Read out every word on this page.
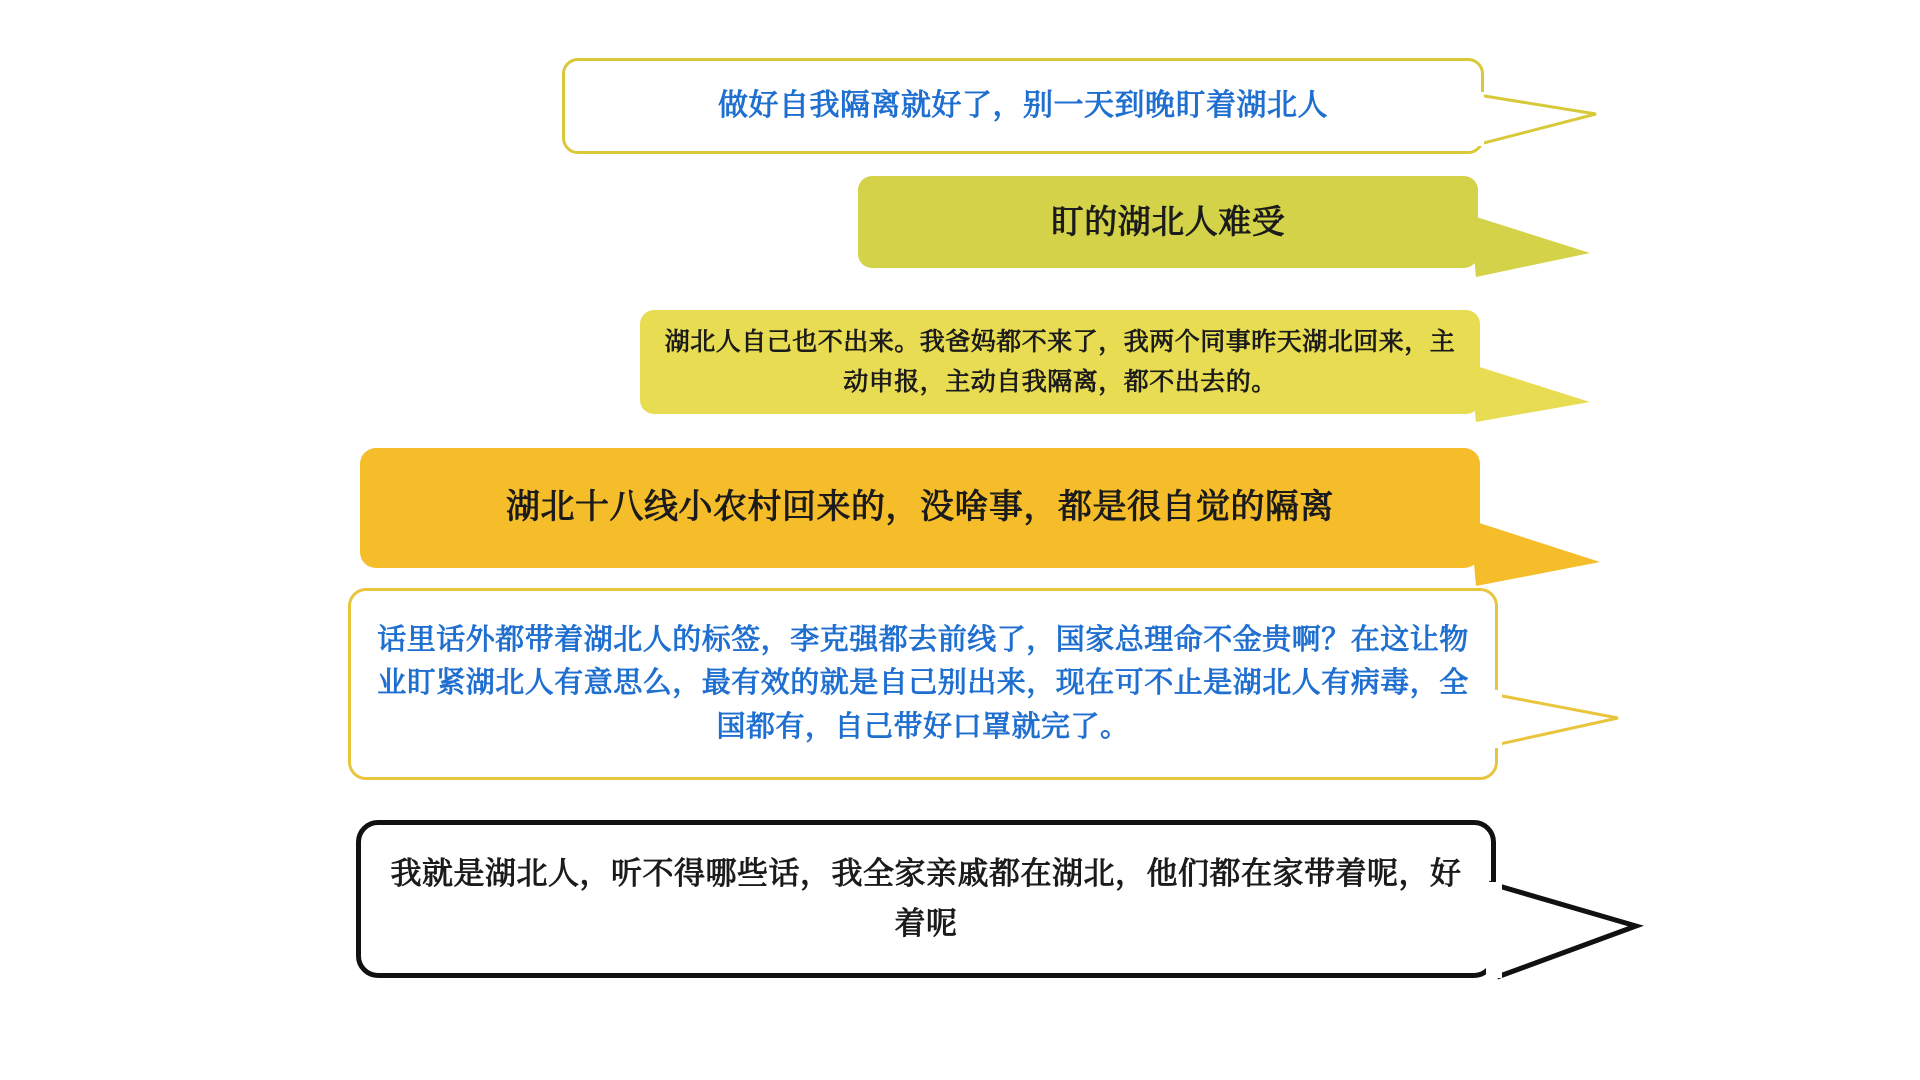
做好自我隔离就好了，别一天到晚盯着湖北人
盯的湖北人难受
湖北人自己也不出来。我爸妈都不来了，我两个同事昨天湖北回来，主动申报，主动自我隔离，都不出去的。
湖北十八线小农村回来的，没啥事，都是很自觉的隔离
话里话外都带着湖北人的标签，李克强都去前线了，国家总理命不金贵啊？在这让物业盯紧湖北人有意思么，最有效的就是自己别出来，现在可不止是湖北人有病毒，全国都有，自己带好口罩就完了。
我就是湖北人，听不得哪些话，我全家亲戚都在湖北，他们都在家带着呢，好着呢
